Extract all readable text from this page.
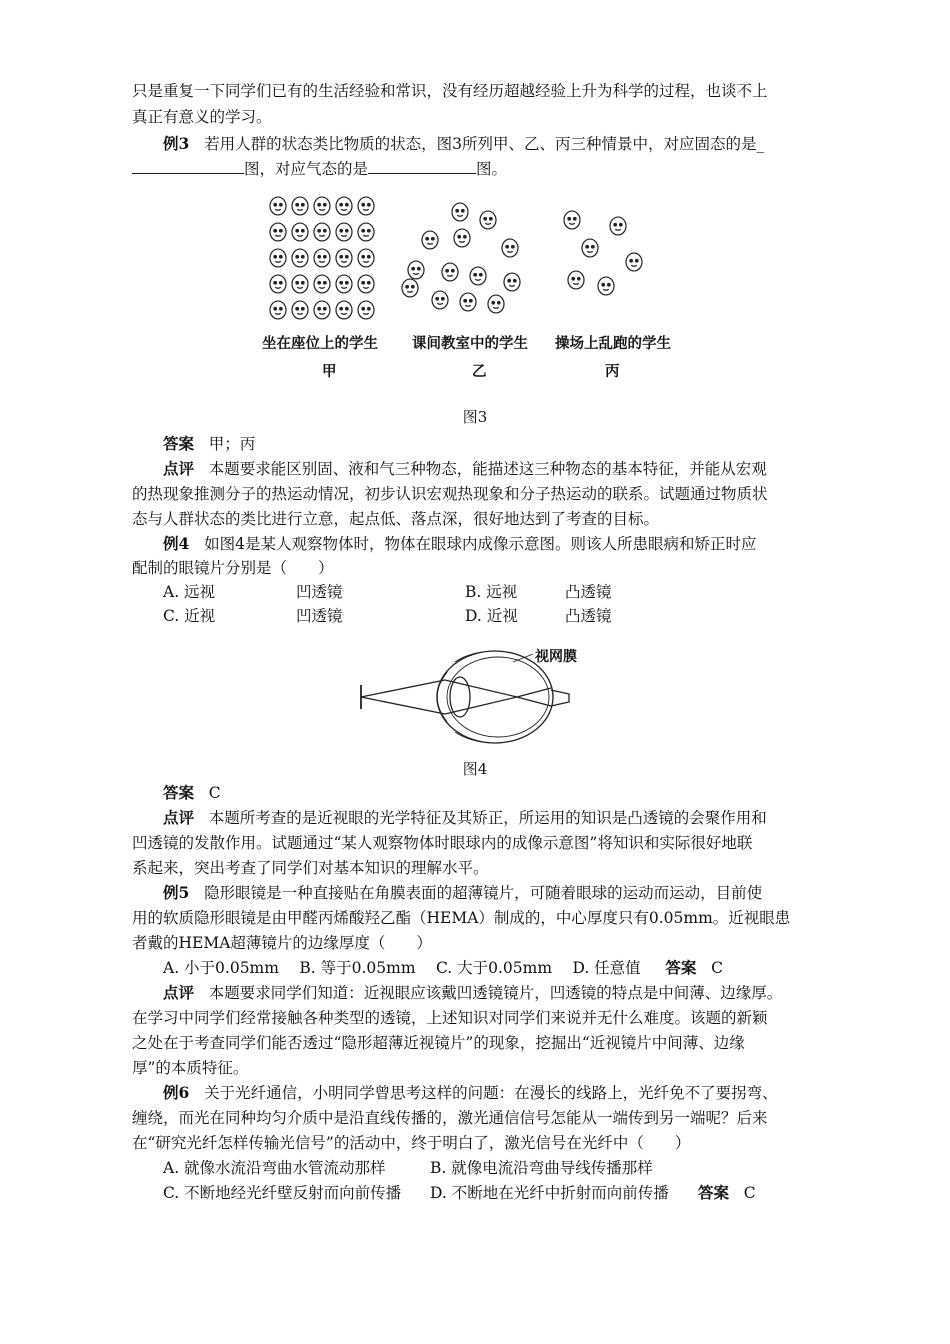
只是重复一下同学们已有的生活经验和常识，没有经历超越经验上升为科学的过程，也谈不上
真正有意义的学习。
例3 若用人群的状态类比物质的状态，图3所列甲、乙、丙三种情景中，对应固态的是_
图，对应气态的是	图。
坐在座位上的学生 课间教室中的学生 操场上乱跑的学生
甲	乙	丙
图3
答案 甲；丙
点评 本题要求能区别固、液和气三种物态，能描述这三种物态的基本特征，并能从宏观
的热现象推测分子的热运动情况，初步认识宏观热现象和分子热运动的联系。试题通过物质状
态与人群状态的类比进行立意，起点低、落点深，很好地达到了考查的目标。
例4 如图4是某人观察物体时，物体在眼球内成像示意图。则该人所患眼病和矫正时应
配制的眼镜片分别是（　　）
A. 远视	凹透镜	B. 远视	凸透镜
C. 近视	凹透镜	D. 近视	凸透镜
视网膜
图4
答案 C
点评 本题所考查的是近视眼的光学特征及其矫正，所运用的知识是凸透镜的会聚作用和
凹透镜的发散作用。试题通过“某人观察物体时眼球内的成像示意图”将知识和实际很好地联
系起来，突出考查了同学们对基本知识的理解水平。
例5 隐形眼镜是一种直接贴在角膜表面的超薄镜片，可随着眼球的运动而运动，目前使
用的软质隐形眼镜是由甲醛丙烯酸羟乙酯（HEMA）制成的，中心厚度只有0.05mm。近视眼患
者戴的HEMA超薄镜片的边缘厚度（　　）
A. 小于0.05mm　 B. 等于0.05mm　 C. 大于0.05mm　 D. 任意值 答案 C
点评 本题要求同学们知道：近视眼应该戴凹透镜镜片，凹透镜的特点是中间薄、边缘厚。
在学习中同学们经常接触各种类型的透镜，上述知识对同学们来说并无什么难度。该题的新颖
之处在于考查同学们能否透过“隐形超薄近视镜片”的现象，挖掘出“近视镜片中间薄、边缘
厚”的本质特征。
例6 关于光纤通信，小明同学曾思考这样的问题：在漫长的线路上，光纤免不了要拐弯、
缠绕，而光在同种均匀介质中是沿直线传播的，激光通信信号怎能从一端传到另一端呢？后来
在“研究光纤怎样传输光信号”的活动中，终于明白了，激光信号在光纤中（　　）
A. 就像水流沿弯曲水管流动那样	B. 就像电流沿弯曲导线传播那样
C. 不断地经光纤壁反射而向前传播 D. 不断地在光纤中折射而向前传播 答案 C
